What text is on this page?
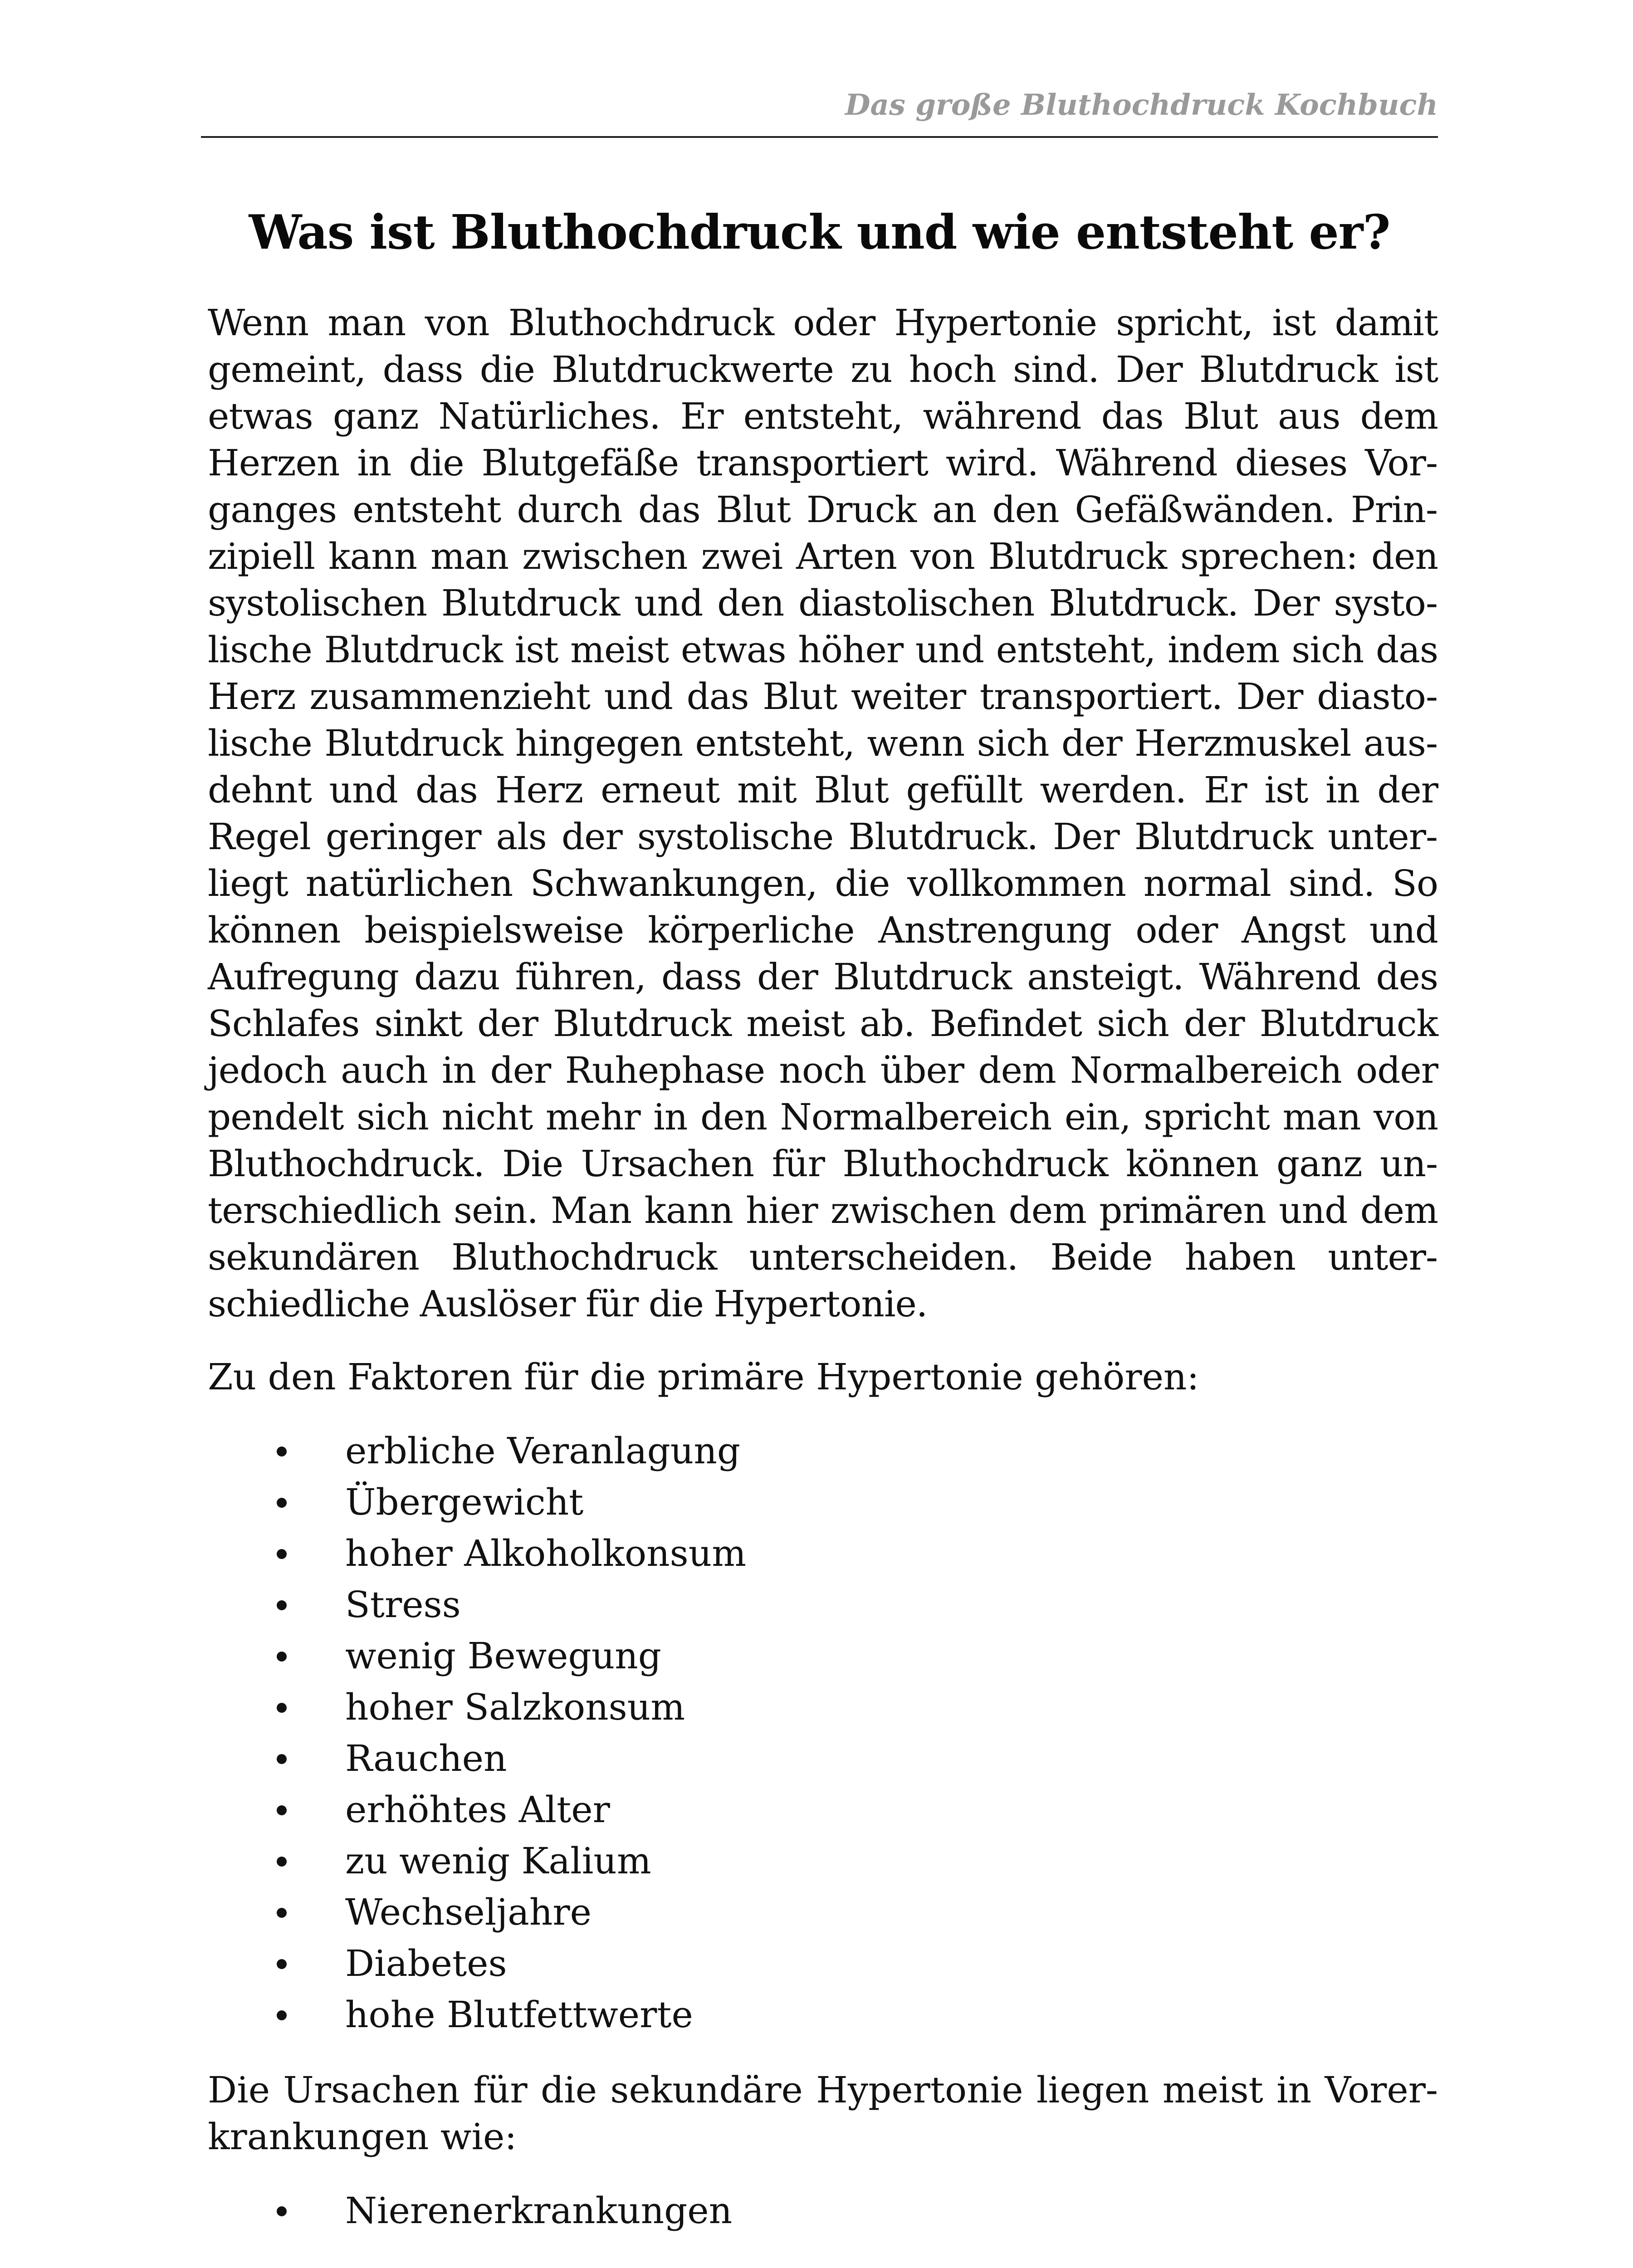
Das große Bluthochdruck Kochbuch
Was ist Bluthochdruck und wie entsteht er?

Wenn man von Bluthochdruck oder Hypertonie spricht, ist damit gemeint, dass die Blutdruckwerte zu hoch sind. Der Blutdruck ist etwas ganz Natürliches. Er entsteht, während das Blut aus dem Herzen in die Blutgefäße transportiert wird. Während dieses Vorganges entsteht durch das Blut Druck an den Gefäßwänden. Prinzipiell kann man zwischen zwei Arten von Blutdruck sprechen: den systolischen Blutdruck und den diastolischen Blutdruck. Der systolische Blutdruck ist meist etwas höher und entsteht, indem sich das Herz zusammenzieht und das Blut weiter transportiert. Der diastolische Blutdruck hingegen entsteht, wenn sich der Herzmuskel ausdehnt und das Herz erneut mit Blut gefüllt werden. Er ist in der Regel geringer als der systolische Blutdruck. Der Blutdruck unterliegt natürlichen Schwankungen, die vollkommen normal sind. So können beispielsweise körperliche Anstrengung oder Angst und Aufregung dazu führen, dass der Blutdruck ansteigt. Während des Schlafes sinkt der Blutdruck meist ab. Befindet sich der Blutdruck jedoch auch in der Ruhephase noch über dem Normalbereich oder pendelt sich nicht mehr in den Normalbereich ein, spricht man von Bluthochdruck. Die Ursachen für Bluthochdruck können ganz unterschiedlich sein. Man kann hier zwischen dem primären und dem sekundären Bluthochdruck unterscheiden. Beide haben unterschiedliche Auslöser für die Hypertonie.

Zu den Faktoren für die primäre Hypertonie gehören:

erbliche Veranlagung
Übergewicht
hoher Alkoholkonsum
Stress
wenig Bewegung
hoher Salzkonsum
Rauchen
erhöhtes Alter
zu wenig Kalium
Wechseljahre
Diabetes
hohe Blutfettwerte

Die Ursachen für die sekundäre Hypertonie liegen meist in Vorerkrankungen wie:

Nierenerkrankungen
